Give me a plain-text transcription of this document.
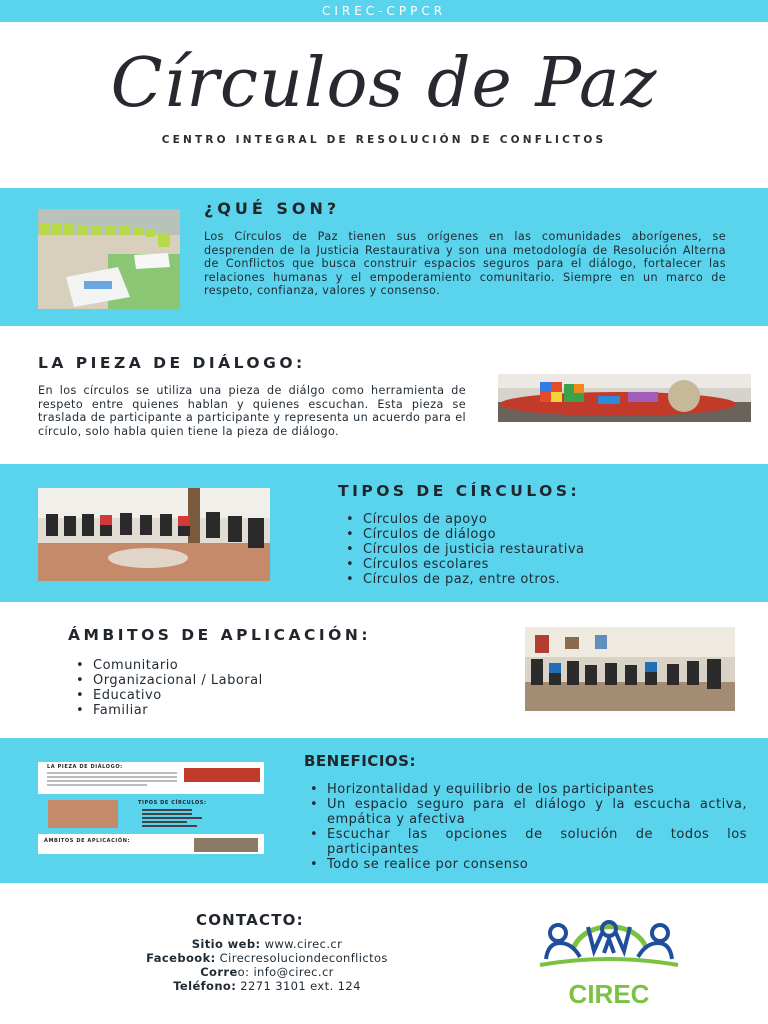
CIREC-CPPCR
Círculos de Paz
CENTRO INTEGRAL DE RESOLUCIÓN DE CONFLICTOS
¿QUÉ SON?
Los Círculos de Paz tienen sus orígenes en las comunidades aborígenes, se desprenden de la Justicia Restaurativa y son una metodología de Resolución Alterna de Conflictos que busca construir espacios seguros para el diálogo, fortalecer las relaciones humanas y el empoderamiento comunitario. Siempre en un marco de respeto, confianza, valores y consenso.
LA PIEZA DE DIÁLOGO:
En los círculos se utiliza una pieza de diálgo como herramienta de respeto entre quienes hablan y quienes escuchan. Esta pieza se traslada de participante a participante y representa un acuerdo para el círculo, solo habla quien tiene la pieza de diálogo.
TIPOS DE CÍRCULOS:
• Círculos de apoyo
• Círculos de diálogo
• Círculos de justicia restaurativa
• Círculos escolares
• Círculos de paz, entre otros.
ÁMBITOS DE APLICACIÓN:
• Comunitario
• Organizacional / Laboral
• Educativo
• Familiar
LA PIEZA DE DIÁLOGO:
TIPOS DE CÍRCULOS:
ÁMBITOS DE APLICACIÓN:
BENEFICIOS:
• Horizontalidad y equilibrio de los participantes
• Un espacio seguro para el diálogo y la escucha activa, empática y afectiva
• Escuchar las opciones de solución de todos los participantes
• Todo se realice por consenso
CONTACTO:
Sitio web: www.cirec.cr
Facebook: Cirecresoluciondeconflictos
Correo: info@cirec.cr
Teléfono: 2271 3101 ext. 124	CIREC
